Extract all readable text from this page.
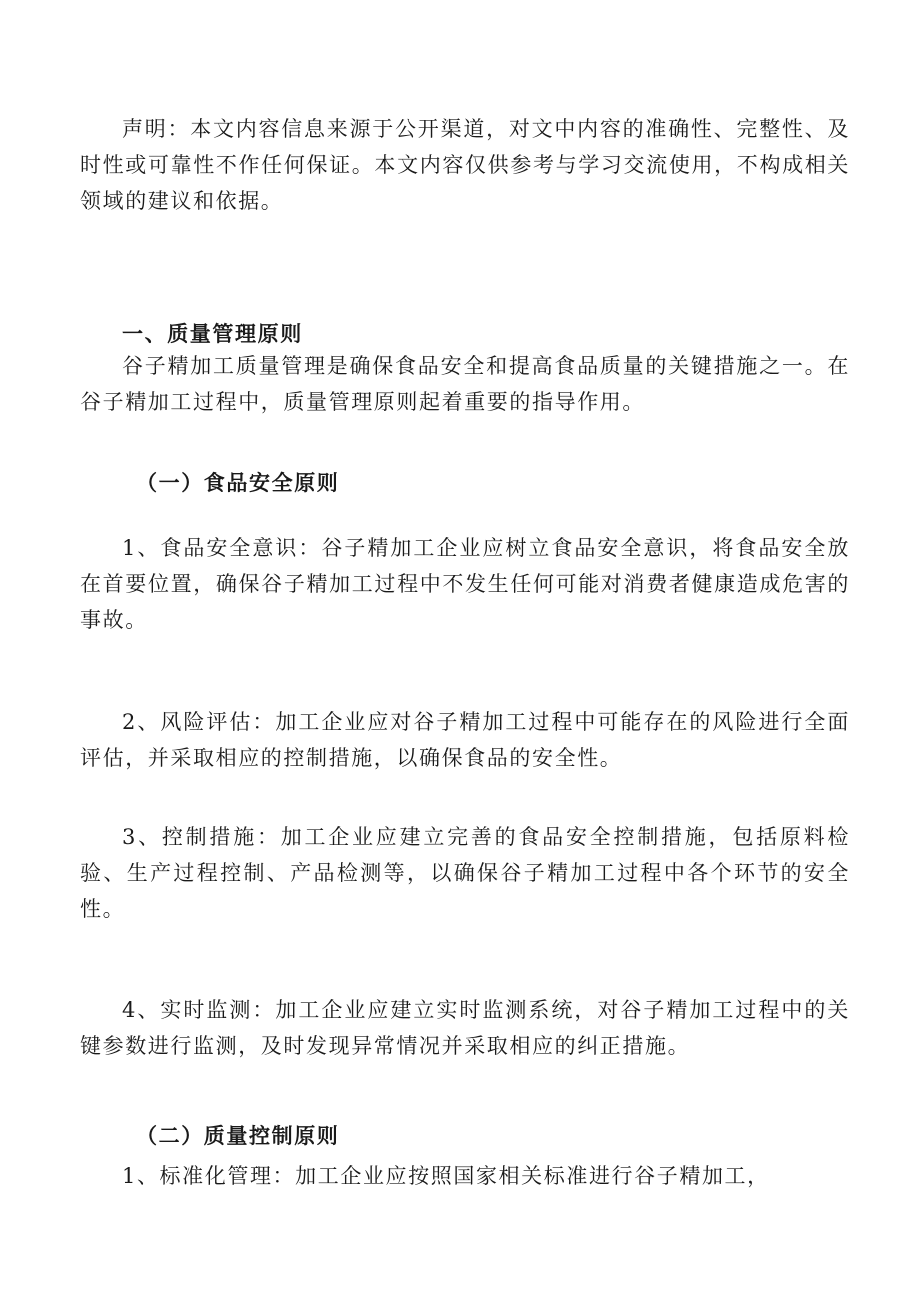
声明：本文内容信息来源于公开渠道，对文中内容的准确性、完整性、及时性或可靠性不作任何保证。本文内容仅供参考与学习交流使用，不构成相关领域的建议和依据。

一、质量管理原则

谷子精加工质量管理是确保食品安全和提高食品质量的关键措施之一。在谷子精加工过程中，质量管理原则起着重要的指导作用。

（一）食品安全原则

1、食品安全意识：谷子精加工企业应树立食品安全意识，将食品安全放在首要位置，确保谷子精加工过程中不发生任何可能对消费者健康造成危害的事故。

2、风险评估：加工企业应对谷子精加工过程中可能存在的风险进行全面评估，并采取相应的控制措施，以确保食品的安全性。

3、控制措施：加工企业应建立完善的食品安全控制措施，包括原料检验、生产过程控制、产品检测等，以确保谷子精加工过程中各个环节的安全性。

4、实时监测：加工企业应建立实时监测系统，对谷子精加工过程中的关键参数进行监测，及时发现异常情况并采取相应的纠正措施。

（二）质量控制原则

1、标准化管理：加工企业应按照国家相关标准进行谷子精加工，
